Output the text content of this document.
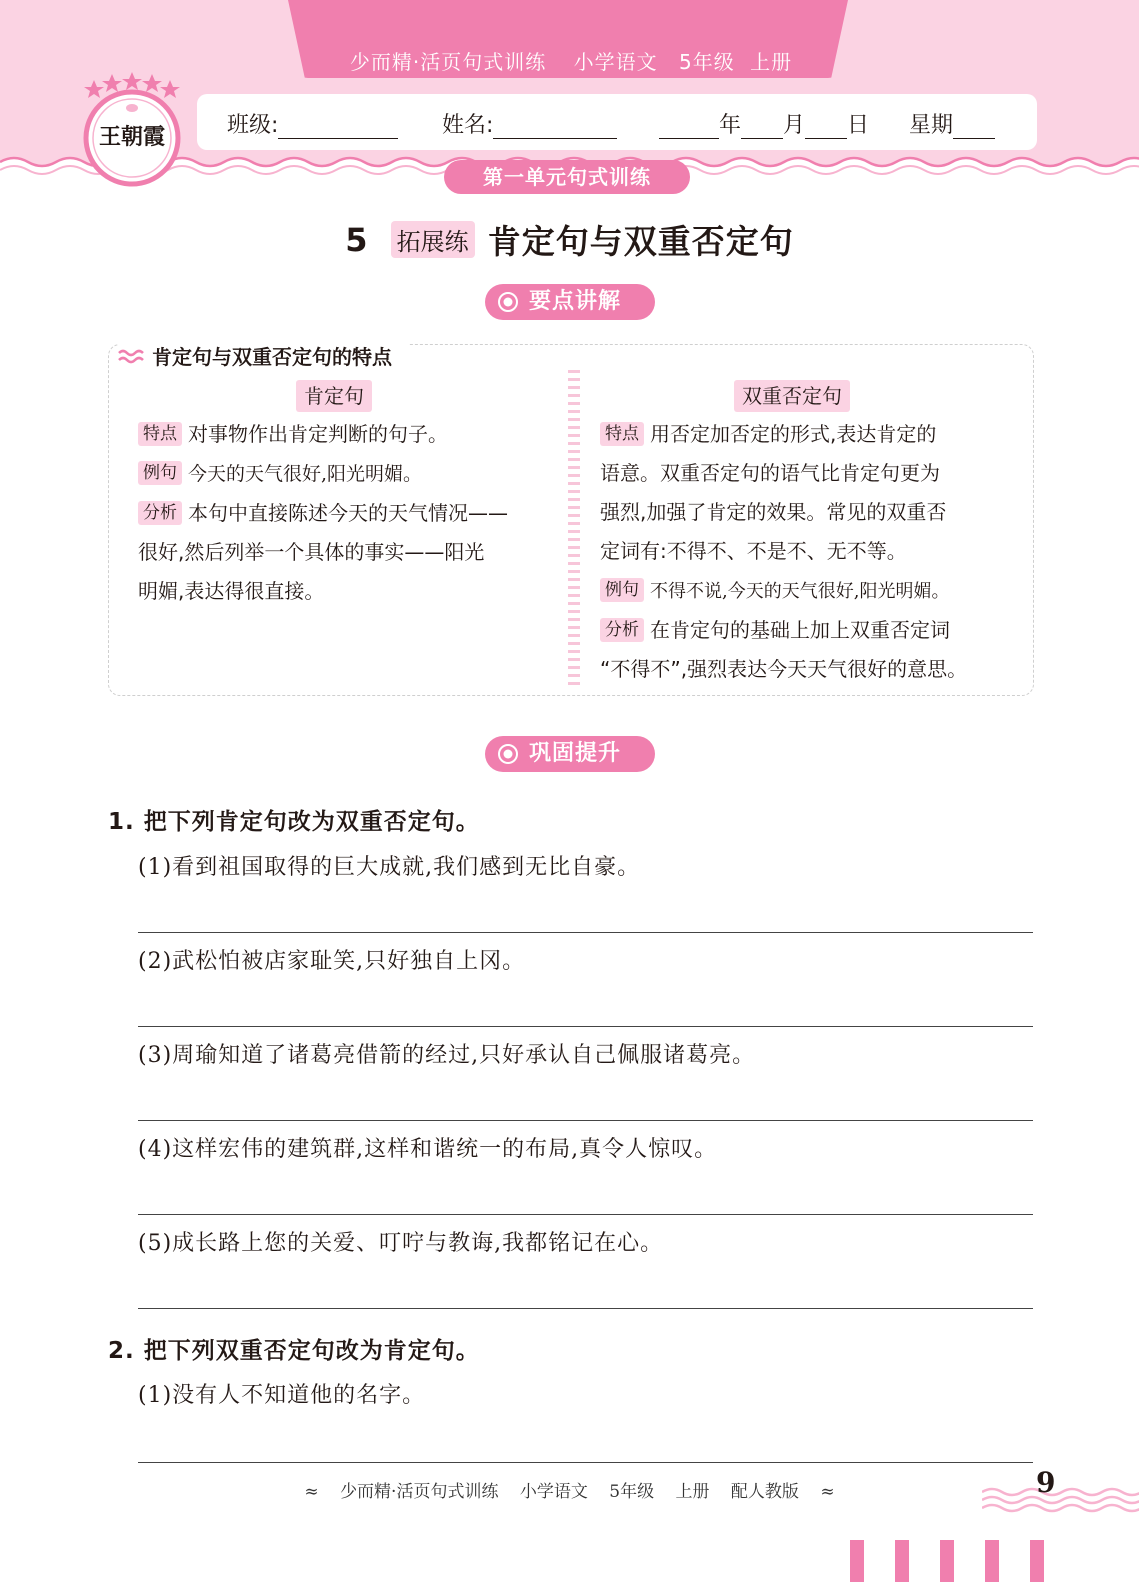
少而精·活页句式训练 小学语文 5年级 上册
班级:	姓名:	年 月 日 星期
王朝霞
第一单元句式训练
5 拓展练 肯定句与双重否定句
要点讲解
肯定句与双重否定句的特点
肯定句
特点 对事物作出肯定判断的句子。
例句 今天的天气很好,阳光明媚。
分析 本句中直接陈述今天的天气情况——
很好,然后列举一个具体的事实——阳光
明媚,表达得很直接。
双重否定句
特点 用否定加否定的形式,表达肯定的
语意。双重否定句的语气比肯定句更为
强烈,加强了肯定的效果。常见的双重否
定词有:不得不、不是不、无不等。
例句 不得不说,今天的天气很好,阳光明媚。
分析 在肯定句的基础上加上双重否定词
“不得不”,强烈表达今天天气很好的意思。
巩固提升
1. 把下列肯定句改为双重否定句。
(1)看到祖国取得的巨大成就,我们感到无比自豪。
(2)武松怕被店家耻笑,只好独自上冈。
(3)周瑜知道了诸葛亮借箭的经过,只好承认自己佩服诸葛亮。
(4)这样宏伟的建筑群,这样和谐统一的布局,真令人惊叹。
(5)成长路上您的关爱、叮咛与教诲,我都铭记在心。
2. 把下列双重否定句改为肯定句。
(1)没有人不知道他的名字。
≈ 少而精·活页句式训练 小学语文 5年级 上册 配人教版 ≈	9
